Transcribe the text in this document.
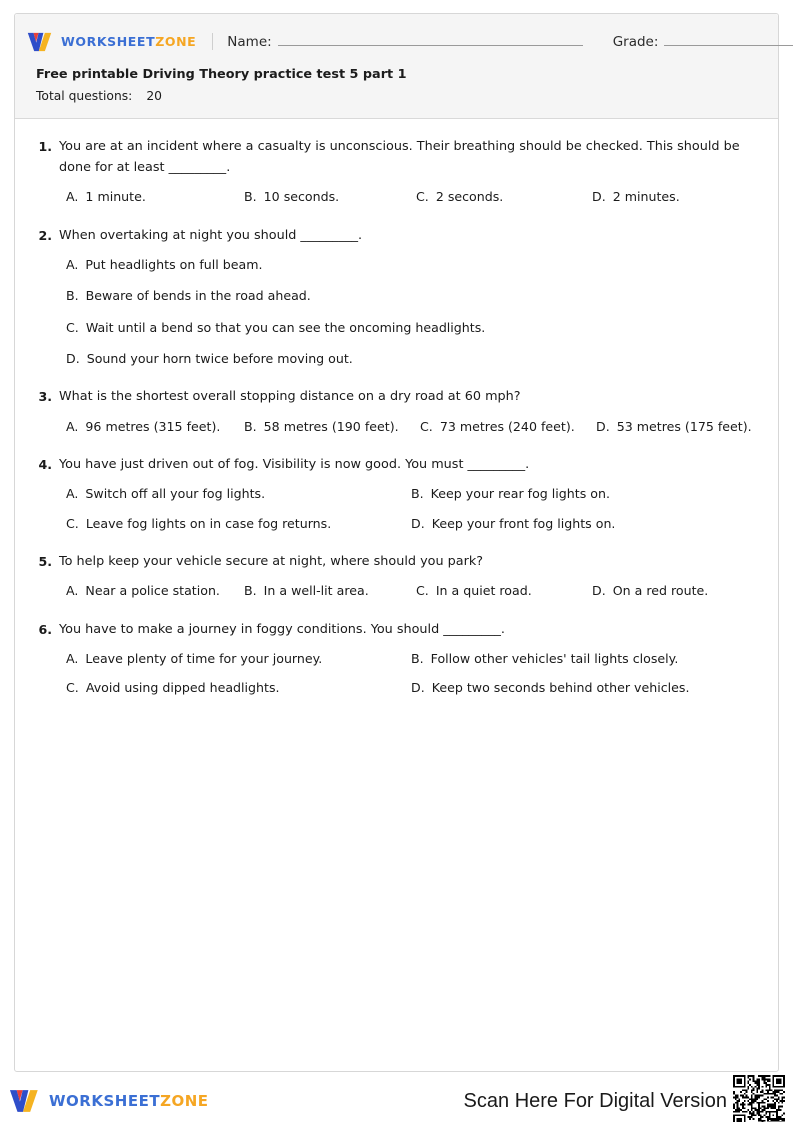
WORKSHEETZONE Name:	Grade:
Free printable Driving Theory practice test 5 part 1
Total questions: 20
1. You are at an incident where a casualty is unconscious. Their breathing should be checked. This should be done for at least _________.
A. 1 minute.	B. 10 seconds.	C. 2 seconds.	D. 2 minutes.
2. When overtaking at night you should _________.
A. Put headlights on full beam.
B. Beware of bends in the road ahead.
C. Wait until a bend so that you can see the oncoming headlights.
D. Sound your horn twice before moving out.
3. What is the shortest overall stopping distance on a dry road at 60 mph?
A. 96 metres (315 feet).	B. 58 metres (190 feet).	C. 73 metres (240 feet).	D. 53 metres (175 feet).
4. You have just driven out of fog. Visibility is now good. You must _________.
A. Switch off all your fog lights.	B. Keep your rear fog lights on.
C. Leave fog lights on in case fog returns.	D. Keep your front fog lights on.
5. To help keep your vehicle secure at night, where should you park?
A. Near a police station.	B. In a well-lit area.	C. In a quiet road.	D. On a red route.
6. You have to make a journey in foggy conditions. You should _________.
A. Leave plenty of time for your journey.	B. Follow other vehicles' tail lights closely.
C. Avoid using dipped headlights.	D. Keep two seconds behind other vehicles.
WORKSHEETZONE	Scan Here For Digital Version
